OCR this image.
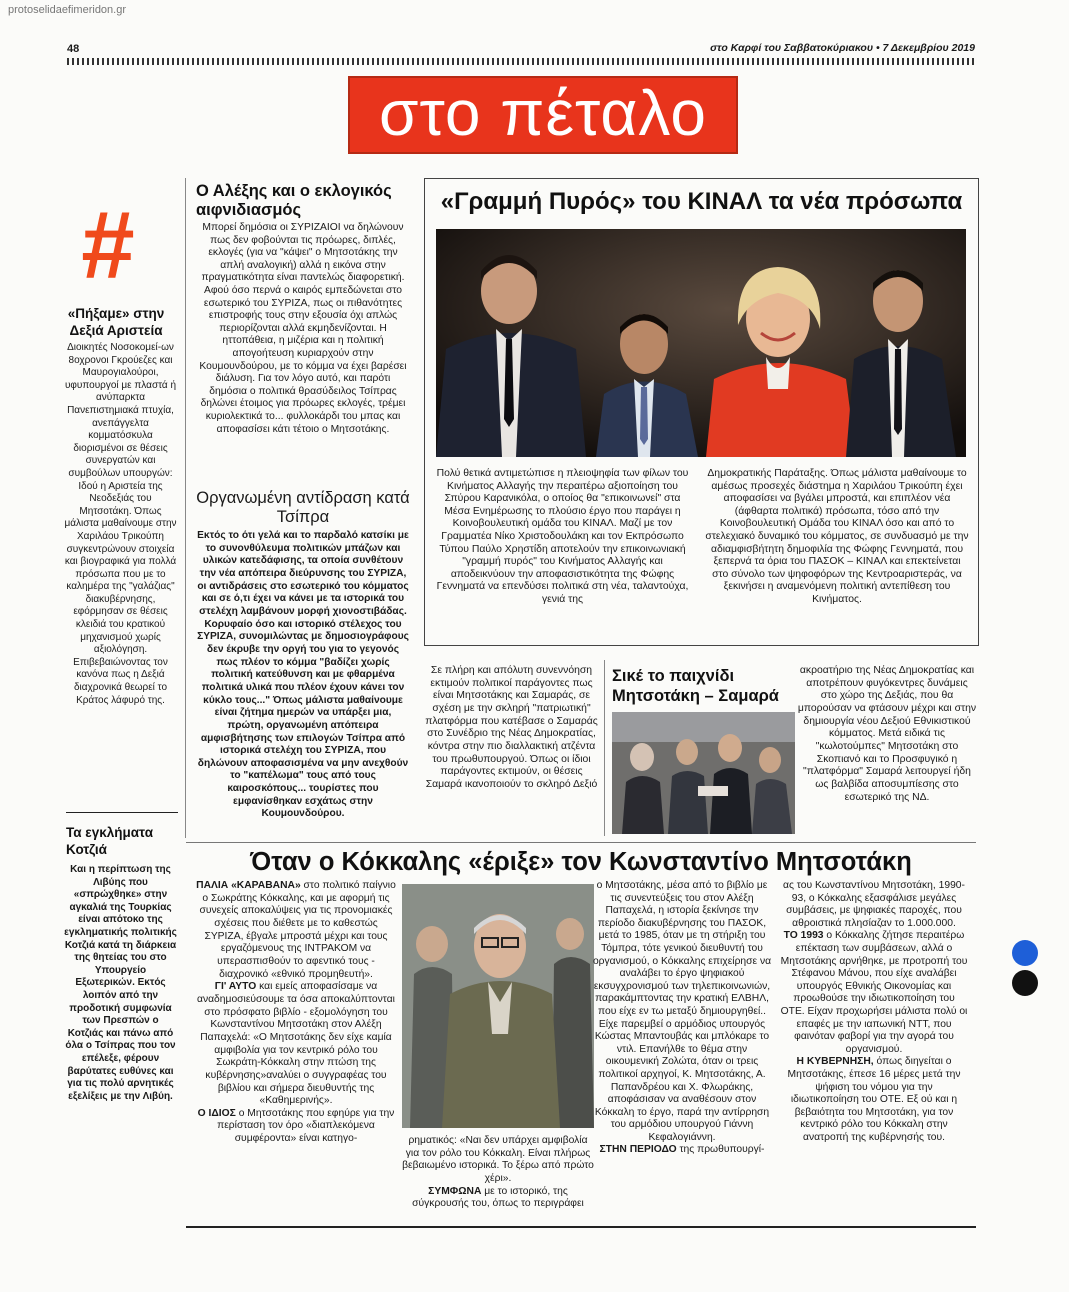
protoselidaefimeridon.gr
48	στο Καρφί του Σαββατοκύριακου • 7 Δεκεμβρίου 2019
στο πέταλο
#
«Πήξαμε» στην Δεξιά Αριστεία
Διοικητές Νοσοκομεί-ων 8οχρονοι Γκρούεζες και Μαυρογιαλούροι, υφυπουργοί με πλαστά ή ανύπαρκτα Πανεπιστημιακά πτυχία, ανεπάγγελτα κομματόσκυλα διορισμένοι σε θέσεις συνεργατών και συμβούλων υπουργών: Ιδού η Αριστεία της Νεοδεξιάς του Μητσοτάκη. Όπως μάλιστα μαθαίνουμε στην Χαριλάου Τρικούπη συγκεντρώνουν στοιχεία και βιογραφικά για πολλά πρόσωπα που με το καλημέρα της "γαλάζιας" διακυβέρνησης, εφόρμησαν σε θέσεις κλειδιά του κρατικού μηχανισμού χωρίς αξιολόγηση. Επιβεβαιώνοντας τον κανόνα πως η Δεξιά διαχρονικά θεωρεί το Κράτος λάφυρό της.
Τα εγκλήματα Κοτζιά
Και η περίπτωση της Λιβύης που «σπρώχθηκε» στην αγκαλιά της Τουρκίας είναι απότοκο της εγκληματικής πολιτικής Κοτζιά κατά τη διάρκεια της θητείας του στο Υπουργείο Εξωτερικών. Εκτός λοιπόν από την προδοτική συμφωνία των Πρεσπών ο Κοτζιάς και πάνω από όλα ο Τσίπρας που τον επέλεξε, φέρουν βαρύτατες ευθύνες και για τις πολύ αρνητικές εξελίξεις με την Λιβύη.
Ο Αλέξης και ο εκλογικός αιφνιδιασμός
Μπορεί δημόσια οι ΣΥΡΙΖΑΙΟΙ να δηλώνουν πως δεν φοβούνται τις πρόωρες, διπλές, εκλογές (για να "κάψει" ο Μητσοτάκης την απλή αναλογική) αλλά η εικόνα στην πραγματικότητα είναι παντελώς διαφορετική. Αφού όσο περνά ο καιρός εμπεδώνεται στο εσωτερικό του ΣΥΡΙΖΑ, πως οι πιθανότητες επιστροφής τους στην εξουσία όχι απλώς περιορίζονται αλλά εκμηδενίζονται. Η ηττοπάθεια, η μιζέρια και η πολιτική απογοήτευση κυριαρχούν στην Κουμουνδούρου, με το κόμμα να έχει βαρέσει διάλυση. Για τον λόγο αυτό, και παρότι δημόσια ο πολιτικά θρασύδειλος Τσίπρας δηλώνει έτοιμος για πρόωρες εκλογές, τρέμει κυριολεκτικά το... φυλλοκάρδι του μπας και αποφασίσει κάτι τέτοιο ο Μητσοτάκης.
Οργανωμένη αντίδραση κατά Τσίπρα
Εκτός το ότι γελά και το παρδαλό κατσίκι με το συνονθύλευμα πολιτικών μπάζων και υλικών κατεδάφισης, τα οποία συνθέτουν την νέα απόπειρα διεύρυνσης του ΣΥΡΙΖΑ, οι αντιδράσεις στο εσωτερικό του κόμματος και σε ό,τι έχει να κάνει με τα ιστορικά του στελέχη λαμβάνουν μορφή χιονοστιβάδας. Κορυφαίο όσο και ιστορικό στέλεχος του ΣΥΡΙΖΑ, συνομιλώντας με δημοσιογράφους δεν έκρυβε την οργή του για το γεγονός πως πλέον το κόμμα "βαδίζει χωρίς πολιτική κατεύθυνση και με φθαρμένα πολιτικά υλικά που πλέον έχουν κάνει τον κύκλο τους..." Όπως μάλιστα μαθαίνουμε είναι ζήτημα ημερών να υπάρξει μια, πρώτη, οργανωμένη απόπειρα αμφισβήτησης των επιλογών Τσίπρα από ιστορικά στελέχη του ΣΥΡΙΖΑ, που δηλώνουν αποφασισμένα να μην ανεχθούν το "καπέλωμα" τους από τους καιροσκόπους... τουρίστες που εμφανίσθηκαν εσχάτως στην Κουμουνδούρου.
«Γραμμή Πυρός» του ΚΙΝΑΛ τα νέα πρόσωπα
Πολύ θετικά αντιμετώπισε η πλειοψηφία των φίλων του Κινήματος Αλλαγής την περαιτέρω αξιοποίηση του Σπύρου Καρανικόλα, ο οποίος θα "επικοινωνεί" στα Μέσα Ενημέρωσης το πλούσιο έργο που παράγει η Κοινοβουλευτική ομάδα του ΚΙΝΑΛ. Μαζί με τον Γραμματέα Νίκο Χριστοδουλάκη και τον Εκπρόσωπο Τύπου Παύλο Χρηστίδη αποτελούν την επικοινωνιακή "γραμμή πυρός" του Κινήματος Αλλαγής και αποδεικνύουν την αποφασιστικότητα της Φώφης Γεννηματά να επενδύσει πολιτικά στη νέα, ταλαντούχα, γενιά της
Δημοκρατικής Παράταξης. Όπως μάλιστα μαθαίνουμε το αμέσως προσεχές διάστημα η Χαριλάου Τρικούπη έχει αποφασίσει να βγάλει μπροστά, και επιπλέον νέα (άφθαρτα πολιτικά) πρόσωπα, τόσο από την Κοινοβουλευτική Ομάδα του ΚΙΝΑΛ όσο και από το στελεχιακό δυναμικό του κόμματος, σε συνδυασμό με την αδιαμφισβήτητη δημοφιλία της Φώφης Γεννηματά, που ξεπερνά τα όρια του ΠΑΣΟΚ – ΚΙΝΑΛ και επεκτείνεται στο σύνολο των ψηφοφόρων της Κεντροαριστεράς, να ξεκινήσει η αναμενόμενη πολιτική αντεπίθεση του Κινήματος.
Σε πλήρη και απόλυτη συνεννόηση εκτιμούν πολιτικοί παράγοντες πως είναι Μητσοτάκης και Σαμαράς, σε σχέση με την σκληρή "πατριωτική" πλατφόρμα που κατέβασε ο Σαμαράς στο Συνέδριο της Νέας Δημοκρατίας, κόντρα στην πιο διαλλακτική ατζέντα του πρωθυπουργού. Όπως οι ίδιοι παράγοντες εκτιμούν, οι θέσεις Σαμαρά ικανοποιούν το σκληρό Δεξιό
Σικέ το παιχνίδι Μητσοτάκη – Σαμαρά
ακροατήριο της Νέας Δημοκρατίας και αποτρέπουν φυγόκεντρες δυνάμεις στο χώρο της Δεξιάς, που θα μπορούσαν να φτάσουν μέχρι και στην δημιουργία νέου Δεξιού Εθνικιστικού κόμματος. Μετά ειδικά τις "κωλοτούμπες" Μητσοτάκη στο Σκοπιανό και το Προσφυγικό η "πλατφόρμα" Σαμαρά λειτουργεί ήδη ως βαλβίδα αποσυμπίεσης στο εσωτερικό της ΝΔ.
Όταν ο Κόκκαλης «έριξε» τον Κωνσταντίνο Μητσοτάκη
ΠΑΛΙΑ «ΚΑΡΑΒΑΝΑ» στο πολιτικό παίγνιο ο Σωκράτης Κόκκαλης, και με αφορμή τις συνεχείς αποκαλύψεις για τις προνομιακές σχέσεις που διέθετε με το καθεστώς ΣΥΡΙΖΑ, έβγαλε μπροστά μέχρι και τους εργαζόμενους της ΙΝΤΡΑΚΟΜ να υπερασπισθούν το αφεντικό τους - διαχρονικό «εθνικό προμηθευτή».
ΓΙ' ΑΥΤΟ και εμείς αποφασίσαμε να αναδημοσιεύσουμε τα όσα αποκαλύπτονται στο πρόσφατο βιβλίο - εξομολόγηση του Κωνσταντίνου Μητσοτάκη στον Αλέξη Παπαχελά: «Ο Μητσοτάκης δεν είχε καμία αμφιβολία για τον κεντρικό ρόλο του Σωκράτη-Κόκκαλη στην πτώση της κυβέρνησης»αναλύει ο συγγραφέας του βιβλίου και σήμερα διευθυντής της «Καθημερινής».
Ο ΙΔΙΟΣ ο Μητσοτάκης που εφηύρε για την περίσταση τον όρο «διαπλεκόμενα συμφέροντα» είναι κατηγο-	ρηματικός: «Ναι δεν υπάρχει αμφιβολία για τον ρόλο του Κόκκαλη. Είναι πλήρως βεβαιωμένο ιστορικά. Το ξέρω από πρώτο χέρι».
ΣΥΜΦΩΝΑ με το ιστορικό, της σύγκρουσής του, όπως το περιγράφει
ο Μητσοτάκης, μέσα από το βιβλίο με τις συνεντεύξεις του στον Αλέξη Παπαχελά, η ιστορία ξεκίνησε την περίοδο διακυβέρνησης του ΠΑΣΟΚ, μετά το 1985, όταν με τη στήριξη του Τόμπρα, τότε γενικού διευθυντή του οργανισμού, ο Κόκκαλης επιχείρησε να αναλάβει το έργο ψηφιακού εκσυγχρονισμού των τηλεπικοινωνιών, παρακάμπτοντας την κρατική ΕΛΒΗΛ, που είχε εν τω μεταξύ δημιουργηθεί.. Είχε παρεμβεί ο αρμόδιος υπουργός Κώστας Μπαντουβάς και μπλόκαρε το ντιλ. Επανήλθε το θέμα στην οικουμενική Ζολώτα, όταν οι τρεις πολιτικοί αρχηγοί, Κ. Μητσοτάκης, Α. Παπανδρέου και Χ. Φλωράκης, αποφάσισαν να αναθέσουν στον Κόκκαλη το έργο, παρά την αντίρρηση του αρμόδιου υπουργού Γιάννη Κεφαλογιάννη.
ΣΤΗΝ ΠΕΡΙΟΔΟ της πρωθυπουργί-
ας του Κωνσταντίνου Μητσοτάκη, 1990-93, ο Κόκκαλης εξασφάλισε μεγάλες συμβάσεις, με ψηφιακές παροχές, που αθροιστικά πλησίαζαν το 1.000.000.
ΤΟ 1993 ο Κόκκαλης ζήτησε περαιτέρω επέκταση των συμβάσεων, αλλά ο Μητσοτάκης αρνήθηκε, με προτροπή του Στέφανου Μάνου, που είχε αναλάβει υπουργός Εθνικής Οικονομίας και προωθούσε την ιδιωτικοποίηση του ΟΤΕ. Είχαν προχωρήσει μάλιστα πολύ οι επαφές με την ιαπωνική ΝΤΤ, που φαινόταν φαβορί για την αγορά του οργανισμού.
Η ΚΥΒΕΡΝΗΣΗ, όπως διηγείται ο Μητσοτάκης, έπεσε 16 μέρες μετά την ψήφιση του νόμου για την ιδιωτικοποίηση του ΟΤΕ. Εξ ού και η βεβαιότητα του Μητσοτάκη, για τον κεντρικό ρόλο του Κόκκαλη στην ανατροπή της κυβέρνησής του.
